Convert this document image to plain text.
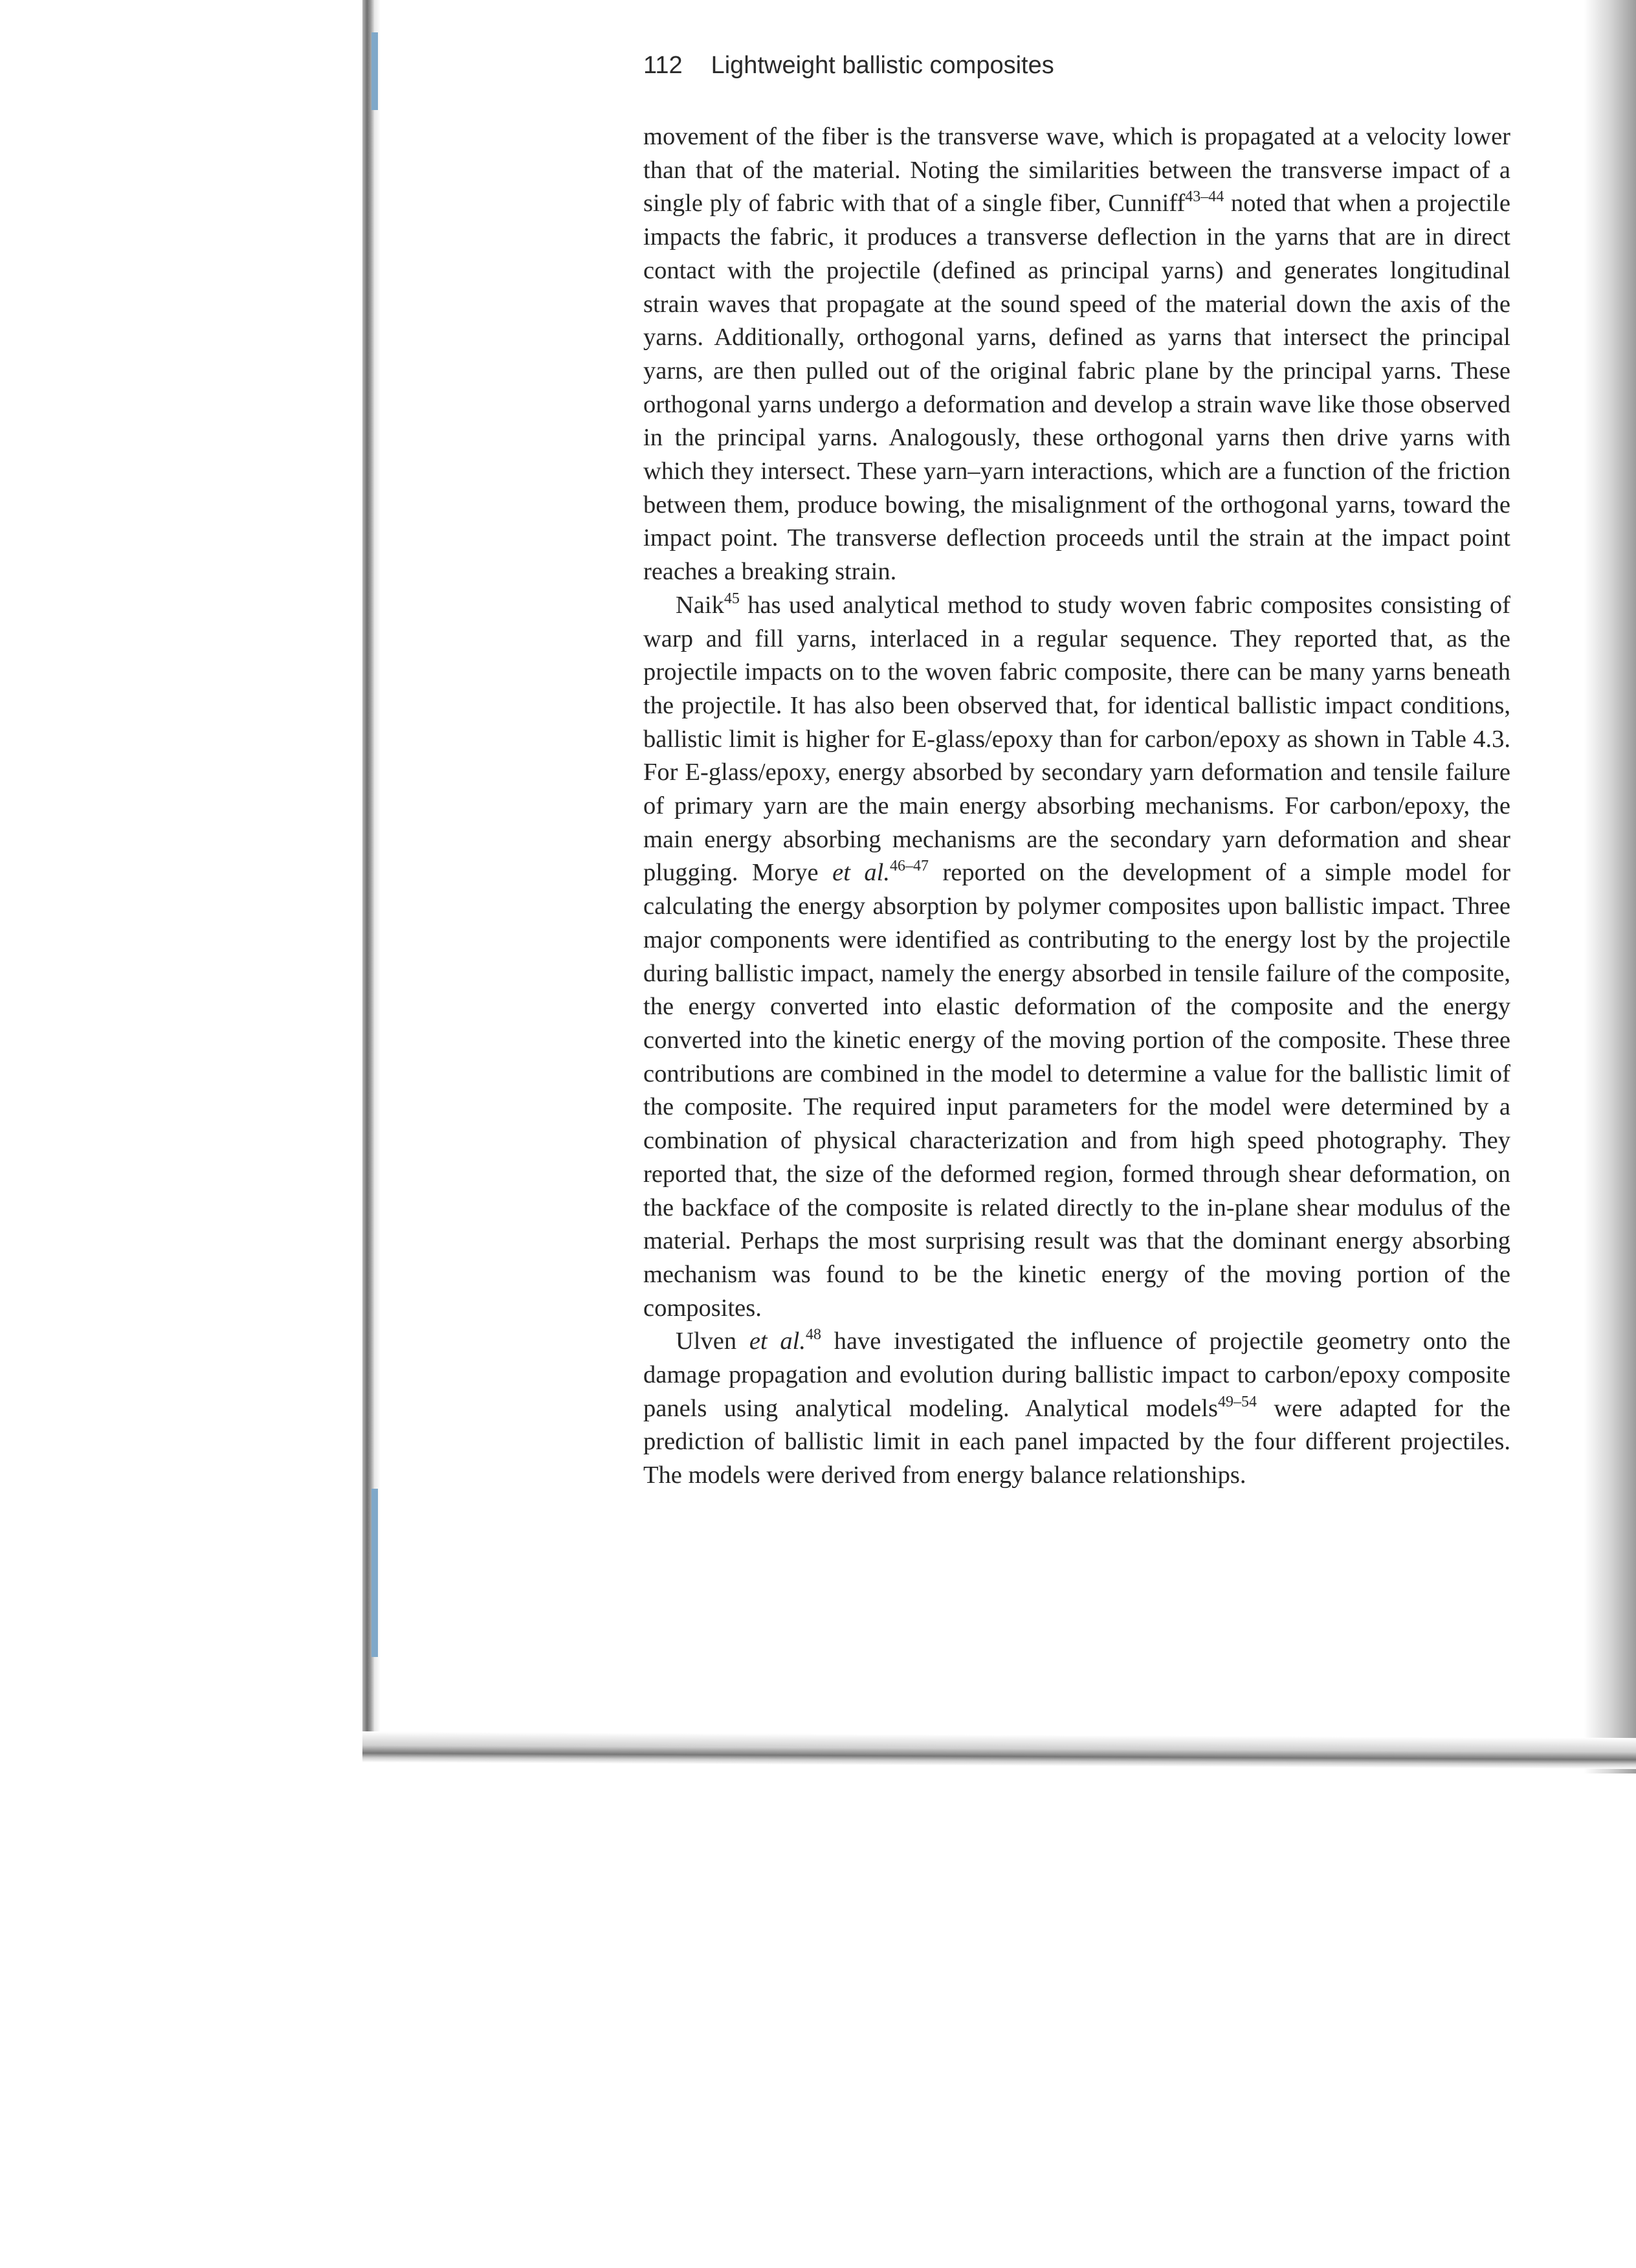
112 Lightweight ballistic composites

movement of the fiber is the transverse wave, which is propagated at a velocity lower than that of the material. Noting the similarities between the transverse impact of a single ply of fabric with that of a single fiber, Cunniff$^{43-44}$ noted that when a projectile impacts the fabric, it produces a transverse deflection in the yarns that are in direct contact with the projectile (defined as principal yarns) and generates longitudinal strain waves that propagate at the sound speed of the material down the axis of the yarns. Additionally, orthogonal yarns, defined as yarns that intersect the principal yarns, are then pulled out of the original fabric plane by the principal yarns. These orthogonal yarns undergo a deformation and develop a strain wave like those observed in the principal yarns. Analogously, these orthogonal yarns then drive yarns with which they intersect. These yarn–yarn interactions, which are a function of the friction between them, produce bowing, the misalignment of the orthogonal yarns, toward the impact point. The transverse deflection proceeds until the strain at the impact point reaches a breaking strain.

Naik$^{45}$ has used analytical method to study woven fabric composites consisting of warp and fill yarns, interlaced in a regular sequence. They reported that, as the projectile impacts on to the woven fabric composite, there can be many yarns beneath the projectile. It has also been observed that, for identical ballistic impact conditions, ballistic limit is higher for E-glass/epoxy than for carbon/epoxy as shown in Table 4.3. For E-glass/epoxy, energy absorbed by secondary yarn deformation and tensile failure of primary yarn are the main energy absorbing mechanisms. For carbon/epoxy, the main energy absorbing mechanisms are the secondary yarn deformation and shear plugging. Morye et al.$^{46-47}$ reported on the development of a simple model for calculating the energy absorption by polymer composites upon ballistic impact. Three major components were identified as contributing to the energy lost by the projectile during ballistic impact, namely the energy absorbed in tensile failure of the composite, the energy converted into elastic deformation of the composite and the energy converted into the kinetic energy of the moving portion of the composite. These three contributions are combined in the model to determine a value for the ballistic limit of the composite. The required input parameters for the model were determined by a combination of physical characterization and from high speed photography. They reported that, the size of the deformed region, formed through shear deformation, on the backface of the composite is related directly to the in-plane shear modulus of the material. Perhaps the most surprising result was that the dominant energy absorbing mechanism was found to be the kinetic energy of the moving portion of the composites.

Ulven et al.$^{48}$ have investigated the influence of projectile geometry onto the damage propagation and evolution during ballistic impact to carbon/epoxy composite panels using analytical modeling. Analytical models$^{49-54}$ were adapted for the prediction of ballistic limit in each panel impacted by the four different projectiles. The models were derived from energy balance relationships.
